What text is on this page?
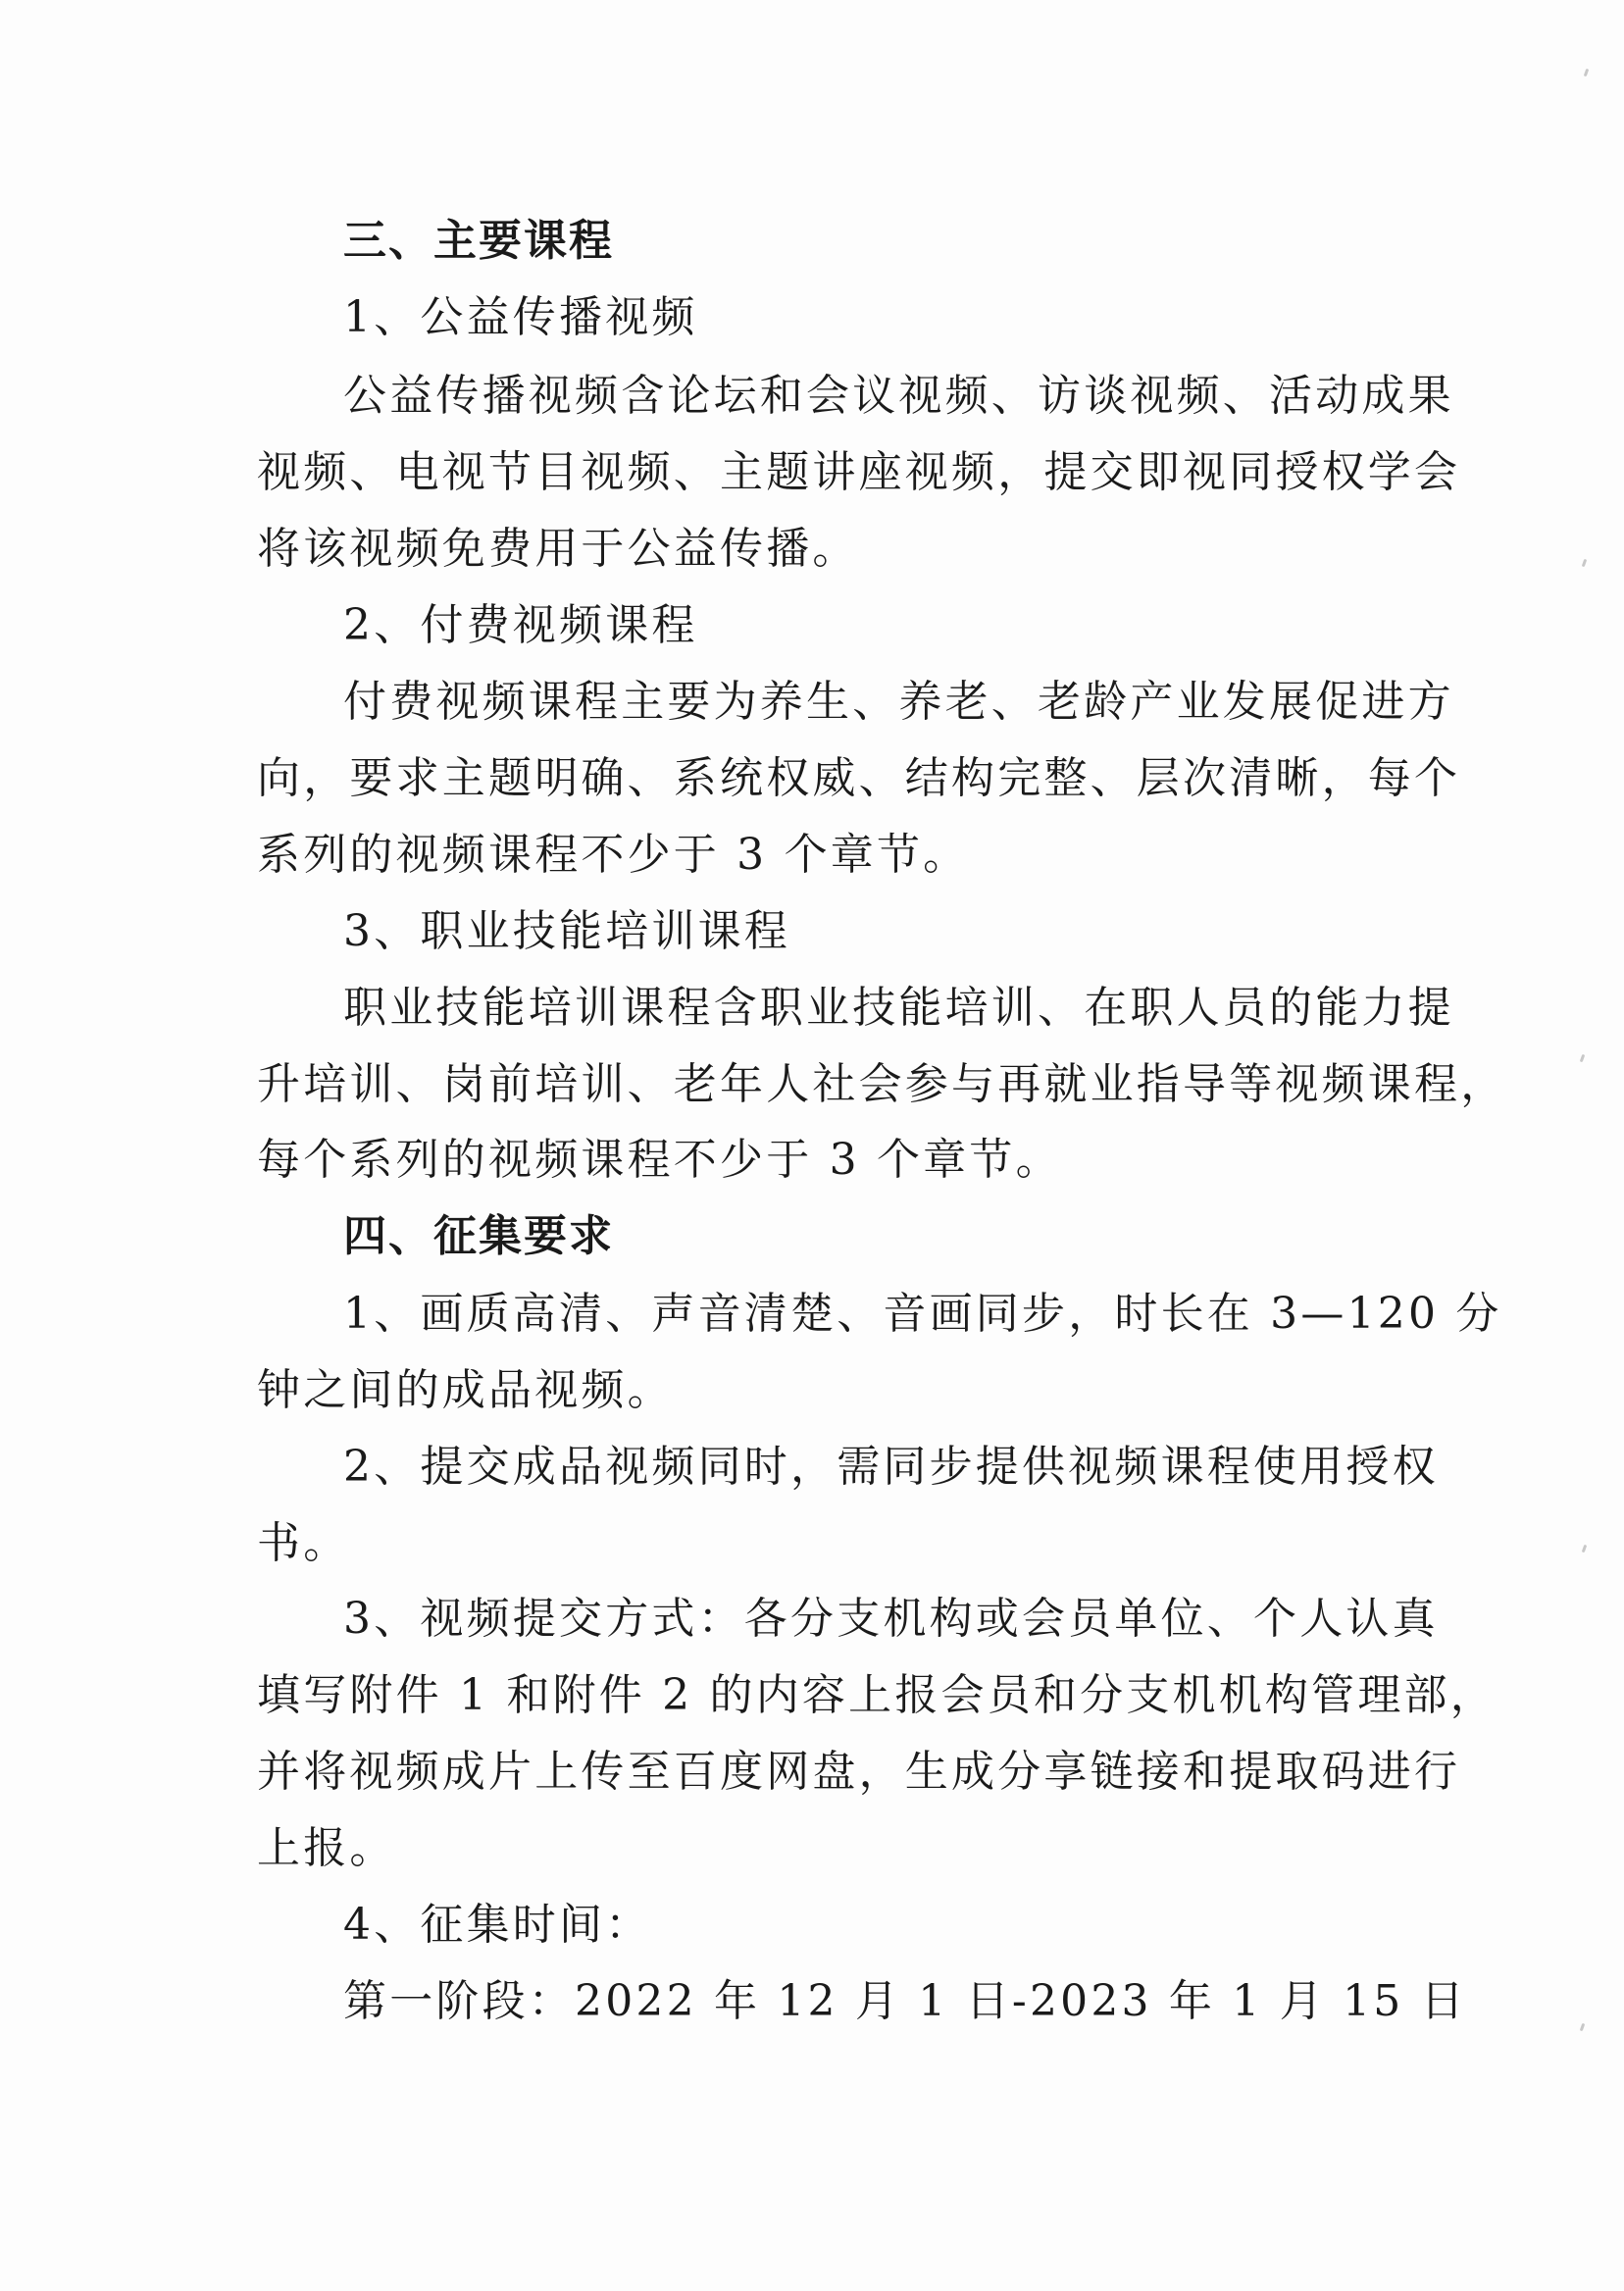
三、主要课程
1、公益传播视频
公益传播视频含论坛和会议视频、访谈视频、活动成果
视频、电视节目视频、主题讲座视频，提交即视同授权学会
将该视频免费用于公益传播。
2、付费视频课程
付费视频课程主要为养生、养老、老龄产业发展促进方
向，要求主题明确、系统权威、结构完整、层次清晰，每个
系列的视频课程不少于 3 个章节。
3、职业技能培训课程
职业技能培训课程含职业技能培训、在职人员的能力提
升培训、岗前培训、老年人社会参与再就业指导等视频课程，
每个系列的视频课程不少于 3 个章节。
四、征集要求
1、画质高清、声音清楚、音画同步，时长在 3—120 分
钟之间的成品视频。
2、提交成品视频同时，需同步提供视频课程使用授权
书。
3、视频提交方式：各分支机构或会员单位、个人认真
填写附件 1 和附件 2 的内容上报会员和分支机机构管理部，
并将视频成片上传至百度网盘，生成分享链接和提取码进行
上报。
4、征集时间：
第一阶段：2022 年 12 月 1 日-2023 年 1 月 15 日
